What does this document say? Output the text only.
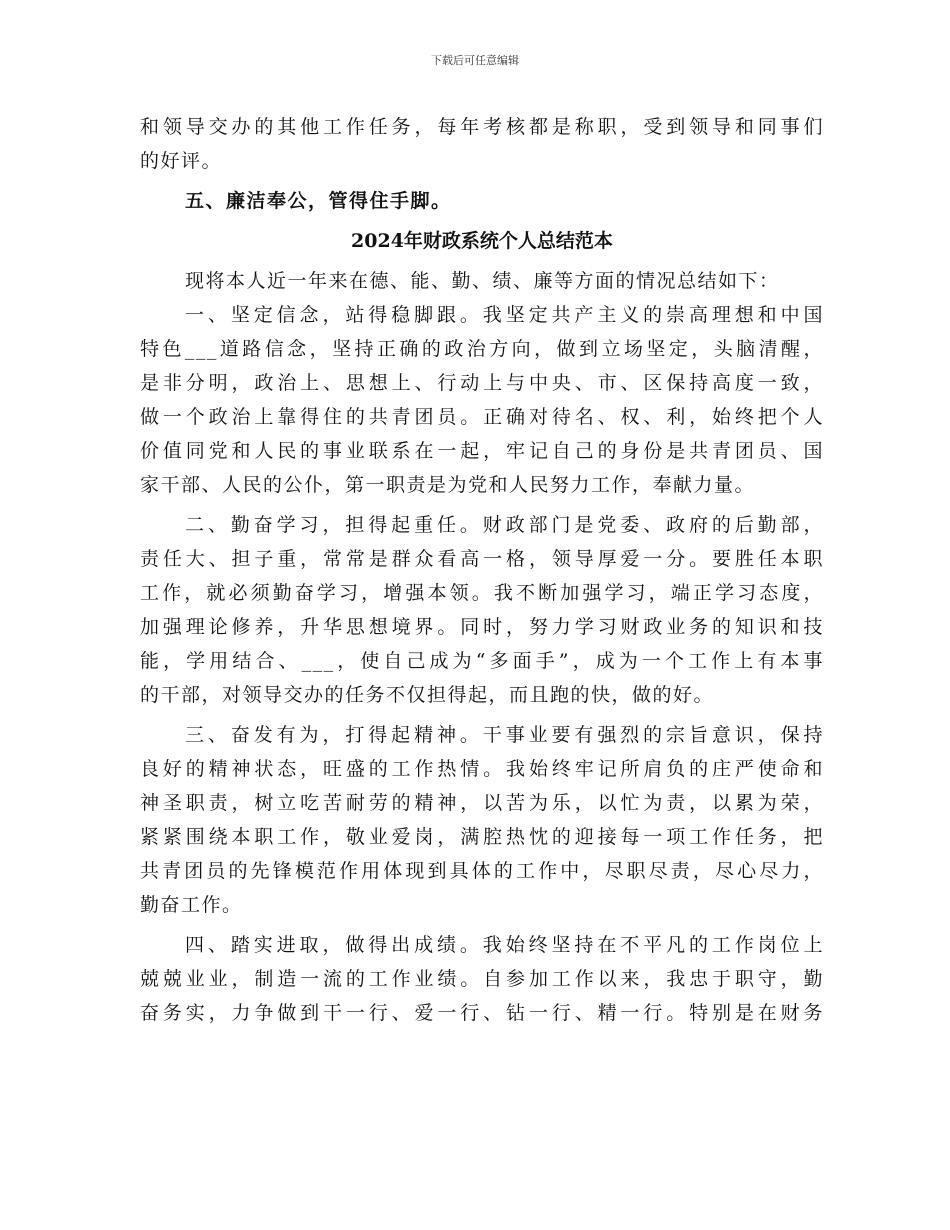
下载后可任意编辑
和领导交办的其他工作任务，每年考核都是称职，受到领导和同事们
的好评。
五、廉洁奉公，管得住手脚。
2024年财政系统个人总结范本
现将本人近一年来在德、能、勤、绩、廉等方面的情况总结如下：
一、坚定信念，站得稳脚跟。我坚定共产主义的崇高理想和中国
特色___道路信念，坚持正确的政治方向，做到立场坚定，头脑清醒，
是非分明，政治上、思想上、行动上与中央、市、区保持高度一致，
做一个政治上靠得住的共青团员。正确对待名、权、利，始终把个人
价值同党和人民的事业联系在一起，牢记自己的身份是共青团员、国
家干部、人民的公仆，第一职责是为党和人民努力工作，奉献力量。
二、勤奋学习，担得起重任。财政部门是党委、政府的后勤部，
责任大、担子重，常常是群众看高一格，领导厚爱一分。要胜任本职
工作，就必须勤奋学习，增强本领。我不断加强学习，端正学习态度，
加强理论修养，升华思想境界。同时，努力学习财政业务的知识和技
能，学用结合、___，使自己成为“多面手”，成为一个工作上有本事
的干部，对领导交办的任务不仅担得起，而且跑的快，做的好。
三、奋发有为，打得起精神。干事业要有强烈的宗旨意识，保持
良好的精神状态，旺盛的工作热情。我始终牢记所肩负的庄严使命和
神圣职责，树立吃苦耐劳的精神，以苦为乐，以忙为责，以累为荣，
紧紧围绕本职工作，敬业爱岗，满腔热忱的迎接每一项工作任务，把
共青团员的先锋模范作用体现到具体的工作中，尽职尽责，尽心尽力，
勤奋工作。
四、踏实进取，做得出成绩。我始终坚持在不平凡的工作岗位上
兢兢业业，制造一流的工作业绩。自参加工作以来，我忠于职守，勤
奋务实，力争做到干一行、爱一行、钻一行、精一行。特别是在财务
